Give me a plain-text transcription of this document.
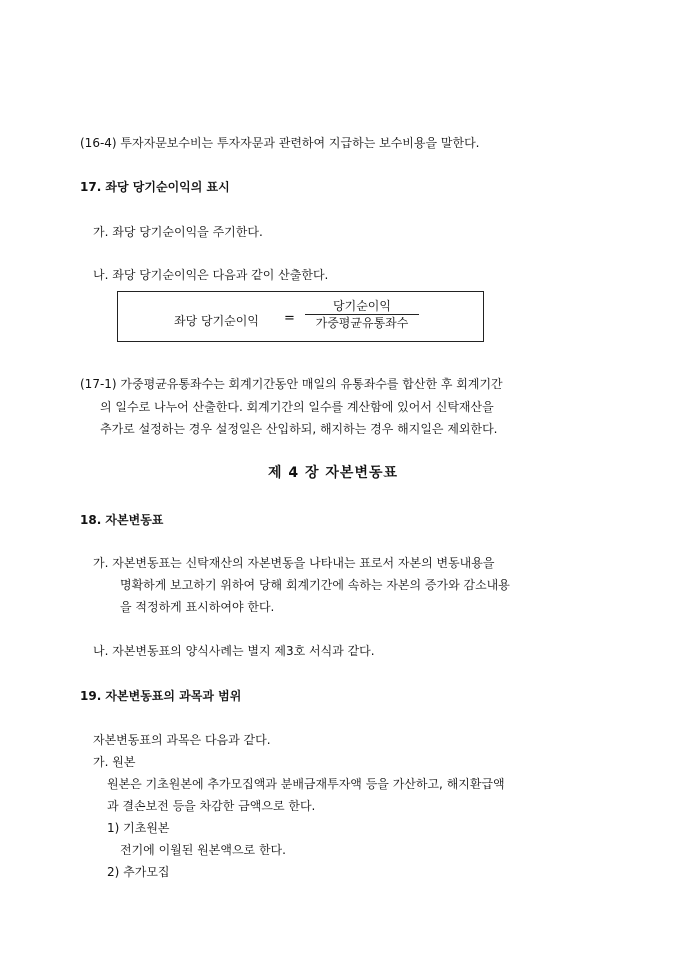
(16-4) 투자자문보수비는 투자자문과 관련하여 지급하는 보수비용을 말한다.
17. 좌당 당기순이익의 표시
가. 좌당 당기순이익을 주기한다.
나. 좌당 당기순이익은 다음과 같이 산출한다.
좌당 당기순이익 =
당기순이익
가중평균유통좌수
(17-1) 가중평균유통좌수는 회계기간동안 매일의 유통좌수를 합산한 후 회계기간
의 일수로 나누어 산출한다. 회계기간의 일수를 계산함에 있어서 신탁재산을
추가로 설정하는 경우 설정일은 산입하되, 해지하는 경우 해지일은 제외한다.
제 4 장 자본변동표
18. 자본변동표
가. 자본변동표는 신탁재산의 자본변동을 나타내는 표로서 자본의 변동내용을
명확하게 보고하기 위하여 당해 회계기간에 속하는 자본의 증가와 감소내용
을 적정하게 표시하여야 한다.
나. 자본변동표의 양식사례는 별지 제3호 서식과 같다.
19. 자본변동표의 과목과 범위
자본변동표의 과목은 다음과 같다.
가. 원본
원본은 기초원본에 추가모집액과 분배금재투자액 등을 가산하고, 해지환급액
과 결손보전 등을 차감한 금액으로 한다.
1) 기초원본
전기에 이월된 원본액으로 한다.
2) 추가모집
